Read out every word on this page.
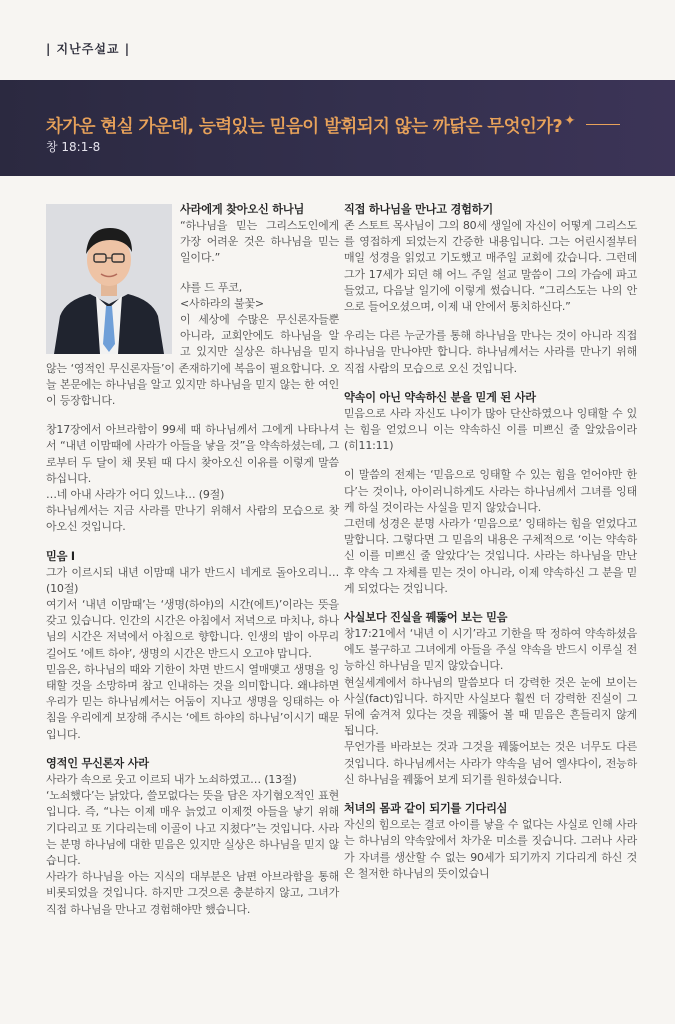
| 지난주설교 |
차가운 현실 가운데, 능력있는 믿음이 발휘되지 않는 까닭은 무엇인가?
창 18:1-8
✦
사라에게 찾아오신 하나님

“하나님을 믿는 그리스도인에게 가장 어려운 것은 하나님을 믿는 일이다.”

샤를 드 푸코,

<사하라의 불꽃>

이 세상에 수많은 무신론자들뿐 아니라, 교회안에도 하나님을 알고 있지만 실상은 하나님을 믿지 않는 ‘영적인 무신론자들’이 존재하기에 복음이 필요합니다. 오늘 본문에는 하나님을 알고 있지만 하나님을 믿지 않는 한 여인이 등장합니다.

창17장에서 아브라함이 99세 때 하나님께서 그에게 나타나셔서 “내년 이맘때에 사라가 아들을 낳을 것”을 약속하셨는데, 그로부터 두 달이 채 못된 때 다시 찾아오신 이유를 이렇게 말씀하십니다.

…네 아내 사라가 어디 있느냐… (9절)

하나님께서는 지금 사라를 만나기 위해서 사람의 모습으로 찾아오신 것입니다.

믿음 I

그가 이르시되 내년 이맘때 내가 반드시 네게로 돌아오리니… (10절)

여기서 ‘내년 이맘때’는 ‘생명(하야)의 시간(에트)’이라는 뜻을 갖고 있습니다. 인간의 시간은 아침에서 저녁으로 마치나, 하나님의 시간은 저녁에서 아침으로 향합니다. 인생의 밤이 아무리 길어도 ‘에트 하야’, 생명의 시간은 반드시 오고야 맙니다.

믿음은, 하나님의 때와 기한이 차면 반드시 열매맺고 생명을 잉태할 것을 소망하며 참고 인내하는 것을 의미합니다. 왜냐하면 우리가 믿는 하나님께서는 어둠이 지나고 생명을 잉태하는 아침을 우리에게 보장해 주시는 ‘에트 하야의 하나님’이시기 때문입니다.

영적인 무신론자 사라

사라가 속으로 웃고 이르되 내가 노쇠하였고… (13절)

‘노쇠했다’는 낡았다, 쓸모없다는 뜻을 담은 자기혐오적인 표현입니다. 즉, “나는 이제 매우 늙었고 이제껏 아들을 낳기 위해 기다리고 또 기다리는데 이골이 나고 지쳤다”는 것입니다. 사라는 분명 하나님에 대한 믿음은 있지만 실상은 하나님을 믿지 않습니다.

사라가 하나님을 아는 지식의 대부분은 남편 아브라함을 통해 비롯되었을 것입니다. 하지만 그것으론 충분하지 않고, 그녀가 직접 하나님을 만나고 경험해야만 했습니다.

직접 하나님을 만나고 경험하기

존 스토트 목사님이 그의 80세 생일에 자신이 어떻게 그리스도를 영접하게 되었는지 간증한 내용입니다. 그는 어린시절부터 매일 성경을 읽었고 기도했고 매주일 교회에 갔습니다. 그런데 그가 17세가 되던 해 어느 주일 설교 말씀이 그의 가슴에 파고 들었고, 다음날 일기에 이렇게 썼습니다. “그리스도는 나의 안으로 들어오셨으며, 이제 내 안에서 통치하신다.”

우리는 다른 누군가를 통해 하나님을 만나는 것이 아니라 직접 하나님을 만나야만 합니다. 하나님께서는 사라를 만나기 위해 직접 사람의 모습으로 오신 것입니다.

약속이 아닌 약속하신 분을 믿게 된 사라

믿음으로 사라 자신도 나이가 많아 단산하였으나 잉태할 수 있는 힘을 얻었으니 이는 약속하신 이를 미쁘신 줄 알았음이라 (히11:11)

이 말씀의 전제는 ‘믿음으로 잉태할 수 있는 힘을 얻어야만 한다’는 것이나, 아이러니하게도 사라는 하나님께서 그녀를 잉태케 하실 것이라는 사실을 믿지 않았습니다.

그런데 성경은 분명 사라가 ‘믿음으로’ 잉태하는 힘을 얻었다고 말합니다. 그렇다면 그 믿음의 내용은 구체적으로 ‘이는 약속하신 이를 미쁘신 줄 알았다’는 것입니다. 사라는 하나님을 만난 후 약속 그 자체를 믿는 것이 아니라, 이제 약속하신 그 분을 믿게 되었다는 것입니다.

사실보다 진실을 꿰뚫어 보는 믿음

창17:21에서 ‘내년 이 시기’라고 기한을 딱 정하여 약속하셨음에도 불구하고 그녀에게 아들을 주실 약속을 반드시 이루실 전능하신 하나님을 믿지 않았습니다.

현실세계에서 하나님의 말씀보다 더 강력한 것은 눈에 보이는 사실(fact)입니다. 하지만 사실보다 훨씬 더 강력한 진실이 그 뒤에 숨겨져 있다는 것을 꿰뚫어 볼 때 믿음은 흔들리지 않게 됩니다.

무언가를 바라보는 것과 그것을 꿰뚫어보는 것은 너무도 다른 것입니다. 하나님께서는 사라가 약속을 넘어 엘샤다이, 전능하신 하나님을 꿰뚫어 보게 되기를 원하셨습니다.

처녀의 몸과 같이 되기를 기다리심

자신의 힘으로는 결코 아이를 낳을 수 없다는 사실로 인해 사라는 하나님의 약속앞에서 차가운 미소를 짓습니다. 그러나 사라가 자녀를 생산할 수 없는 90세가 되기까지 기다리게 하신 것은 철저한 하나님의 뜻이었습니
